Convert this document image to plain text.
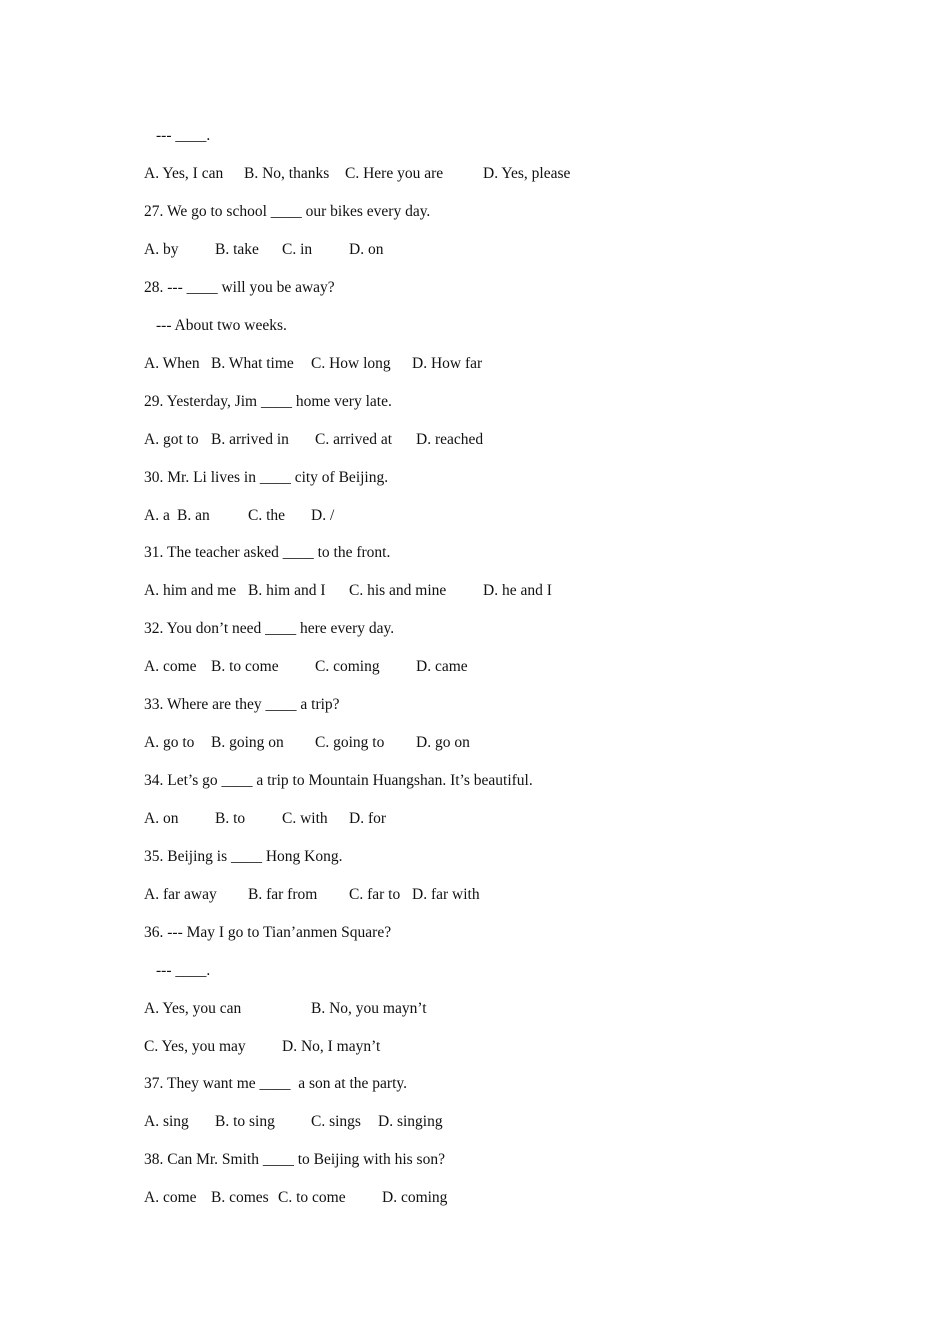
--- ____.

A. Yes, I can

B. No, thanks

C. Here you are

	D. Yes, please

27. We go to school ____ our bikes every day.

A. by

B. take

C. in

D. on

28. --- ____ will you be away?
--- About two weeks.

A. When

B. What time

C. How long

D. How far

29. Yesterday, Jim ____ home very late.

A. got to

B. arrived in

C. arrived at

D. reached

30. Mr. Li lives in ____ city of Beijing.

A. a

B. an

C. the

D. /

31. The teacher asked ____ to the front.

A. him and me

B. him and I

C. his and mine

D. he and I

32. You don’t need ____ here every day.

A. come

B. to come

C. coming

D. came

33. Where are they ____ a trip?

A. go to

B. going on

C. going to

D. go on

34. Let’s go ____ a trip to Mountain Huangshan. It’s beautiful.

A. on

B. to

C. with

D. for

35. Beijing is ____ Hong Kong.

A. far away

B. far from

C. far to

D. far with

36. --- May I go to Tian’anmen Square?
--- ____.

A. Yes, you can

	B. No, you mayn’t

C. Yes, you may

D. No, I mayn’t

37. They want me ____  a son at the party.

A. sing

B. to sing

C. sings

D. singing

38. Can Mr. Smith ____ to Beijing with his son?

A. come

B. comes

C. to come

D. coming
